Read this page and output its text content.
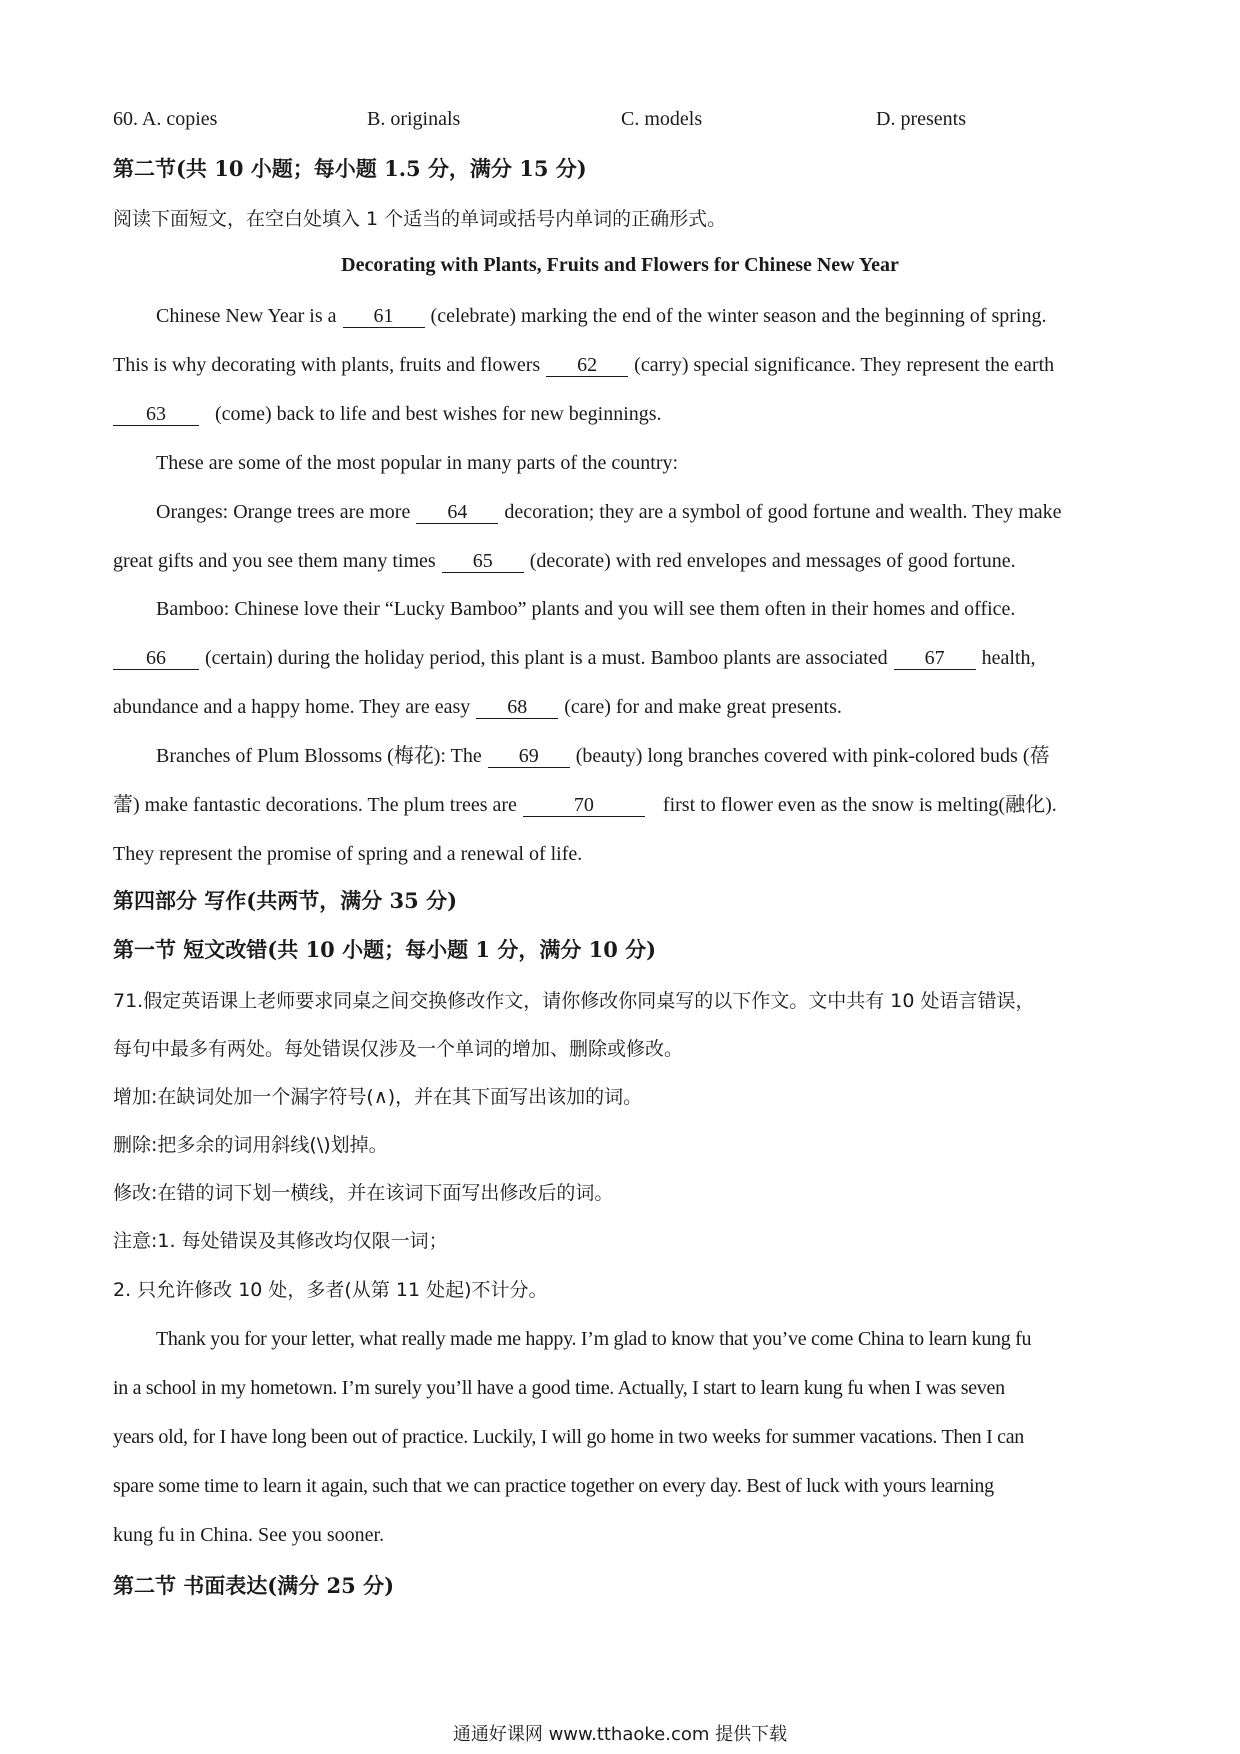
60. A. copies	B. originals	C. models	D. presents
第二节(共 10 小题；每小题 1.5 分，满分 15 分)
阅读下面短文，在空白处填入 1 个适当的单词或括号内单词的正确形式。
Decorating with Plants, Fruits and Flowers for Chinese New Year
Chinese New Year is a 61 (celebrate) marking the end of the winter season and the beginning of spring.
This is why decorating with plants, fruits and flowers 62 (carry) special significance. They represent the earth
63 (come) back to life and best wishes for new beginnings.
These are some of the most popular in many parts of the country:
Oranges: Orange trees are more 64 decoration; they are a symbol of good fortune and wealth. They make
great gifts and you see them many times 65 (decorate) with red envelopes and messages of good fortune.
Bamboo: Chinese love their “Lucky Bamboo” plants and you will see them often in their homes and office.
66 (certain) during the holiday period, this plant is a must. Bamboo plants are associated 67 health,
abundance and a happy home. They are easy 68 (care) for and make great presents.
Branches of Plum Blossoms (梅花): The 69 (beauty) long branches covered with pink-colored buds (蓓
蕾) make fantastic decorations. The plum trees are	70	first to flower even as the snow is melting(融化).
They represent the promise of spring and a renewal of life.
第四部分 写作(共两节，满分 35 分)
第一节 短文改错(共 10 小题；每小题 1 分，满分 10 分)
71.假定英语课上老师要求同桌之间交换修改作文，请你修改你同桌写的以下作文。文中共有 10 处语言错误，
每句中最多有两处。每处错误仅涉及一个单词的增加、删除或修改。
增加:在缺词处加一个漏字符号(∧)，并在其下面写出该加的词。
删除:把多余的词用斜线(\)划掉。
修改:在错的词下划一横线，并在该词下面写出修改后的词。
注意:1. 每处错误及其修改均仅限一词；
2. 只允许修改 10 处，多者(从第 11 处起)不计分。
Thank you for your letter, what really made me happy. I’m glad to know that you’ve come China to learn kung fu
in a school in my hometown. I’m surely you’ll have a good time. Actually, I start to learn kung fu when I was seven
years old, for I have long been out of practice. Luckily, I will go home in two weeks for summer vacations. Then I can
spare some time to learn it again, such that we can practice together on every day. Best of luck with yours learning
kung fu in China. See you sooner.
第二节 书面表达(满分 25 分)
通通好课网 www.tthaoke.com 提供下载
